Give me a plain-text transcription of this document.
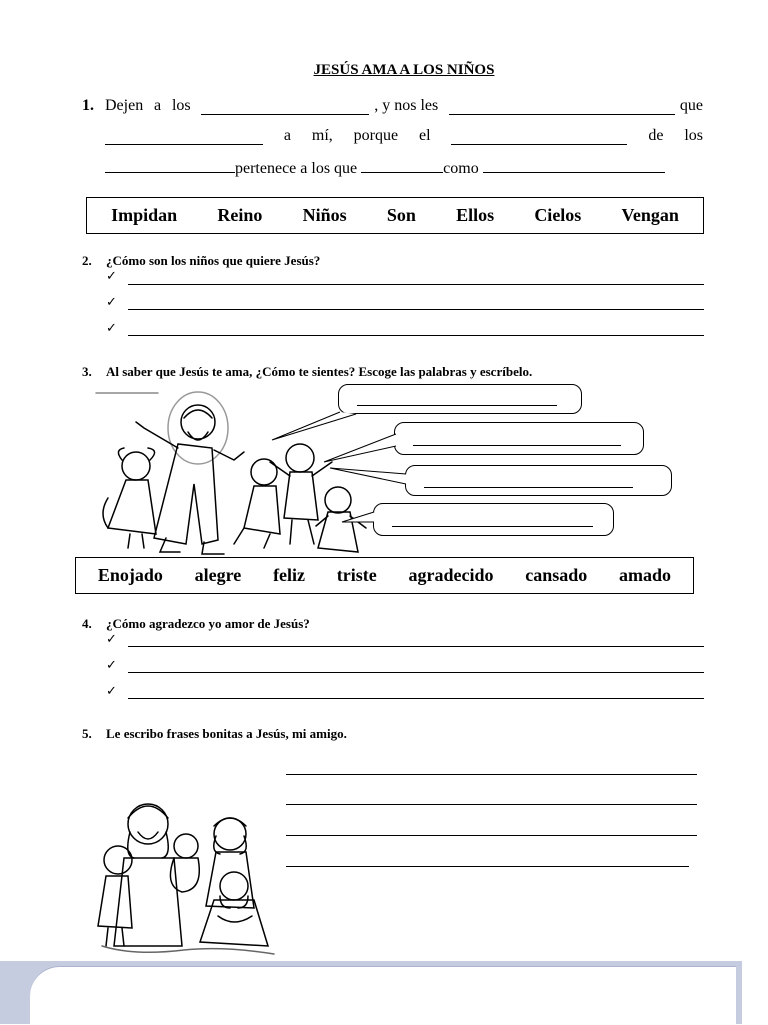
JESÚS AMA A LOS NIÑOS
1. Dejen a los	, y nos les	que
a mí, porque el	de los
pertenece a los que	como
Impidan Reino Niños Son Ellos Cielos Vengan
2. ¿Cómo son los niños que quiere Jesús?
✓
✓
✓
3. Al saber que Jesús te ama, ¿Cómo te sientes? Escoge las palabras y escríbelo.
Enojado alegre feliz triste agradecido cansado amado
4. ¿Cómo agradezco yo amor de Jesús?
✓
✓
✓
5. Le escribo frases bonitas a Jesús, mi amigo.
